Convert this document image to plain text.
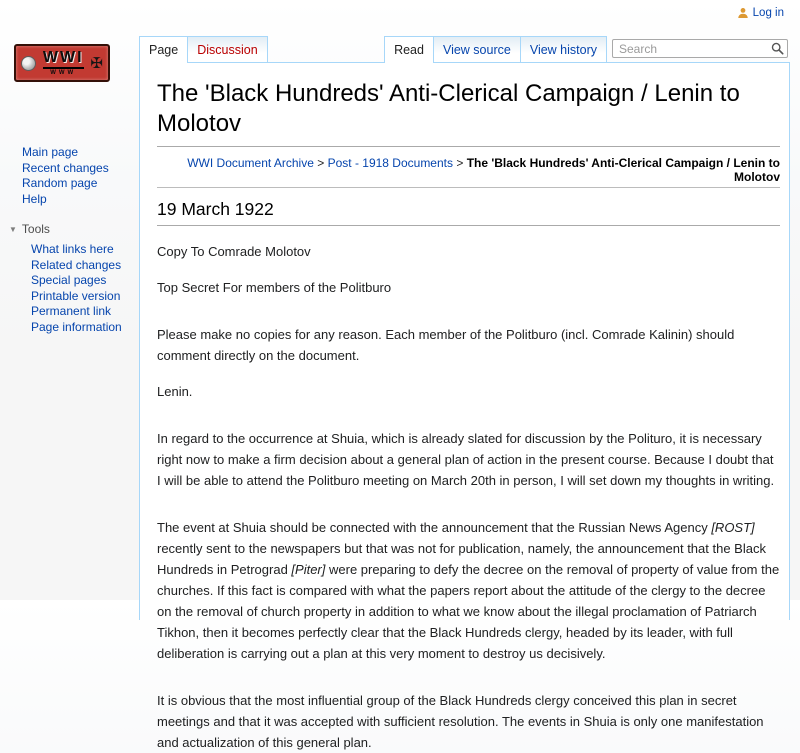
Log in
WWI
WWW
✠
Main page
Recent changes
Random page
Help
▼ Tools
What links here
Related changes
Special pages
Printable version
Permanent link
Page information
Page	Discussion	Read	View source	View history
Search
The 'Black Hundreds' Anti-Clerical Campaign / Lenin to Molotov
WWI Document Archive > Post - 1918 Documents > The 'Black Hundreds' Anti-Clerical Campaign / Lenin to Molotov
19 March 1922

Copy To Comrade Molotov

Top Secret For members of the Politburo

Please make no copies for any reason. Each member of the Politburo (incl. Comrade Kalinin) should comment directly on the document.

Lenin.

In regard to the occurrence at Shuia, which is already slated for discussion by the Polituro, it is necessary right now to make a firm decision about a general plan of action in the present course. Because I doubt that I will be able to attend the Politburo meeting on March 20th in person, I will set down my thoughts in writing.

The event at Shuia should be connected with the announcement that the Russian News Agency [ROST] recently sent to the newspapers but that was not for publication, namely, the announcement that the Black Hundreds in Petrograd [Piter] were preparing to defy the decree on the removal of property of value from the churches. If this fact is compared with what the papers report about the attitude of the clergy to the decree on the removal of church property in addition to what we know about the illegal proclamation of Patriarch Tikhon, then it becomes perfectly clear that the Black Hundreds clergy, headed by its leader, with full deliberation is carrying out a plan at this very moment to destroy us decisively.

It is obvious that the most influential group of the Black Hundreds clergy conceived this plan in secret meetings and that it was accepted with sufficient resolution. The events in Shuia is only one manifestation and actualization of this general plan.
